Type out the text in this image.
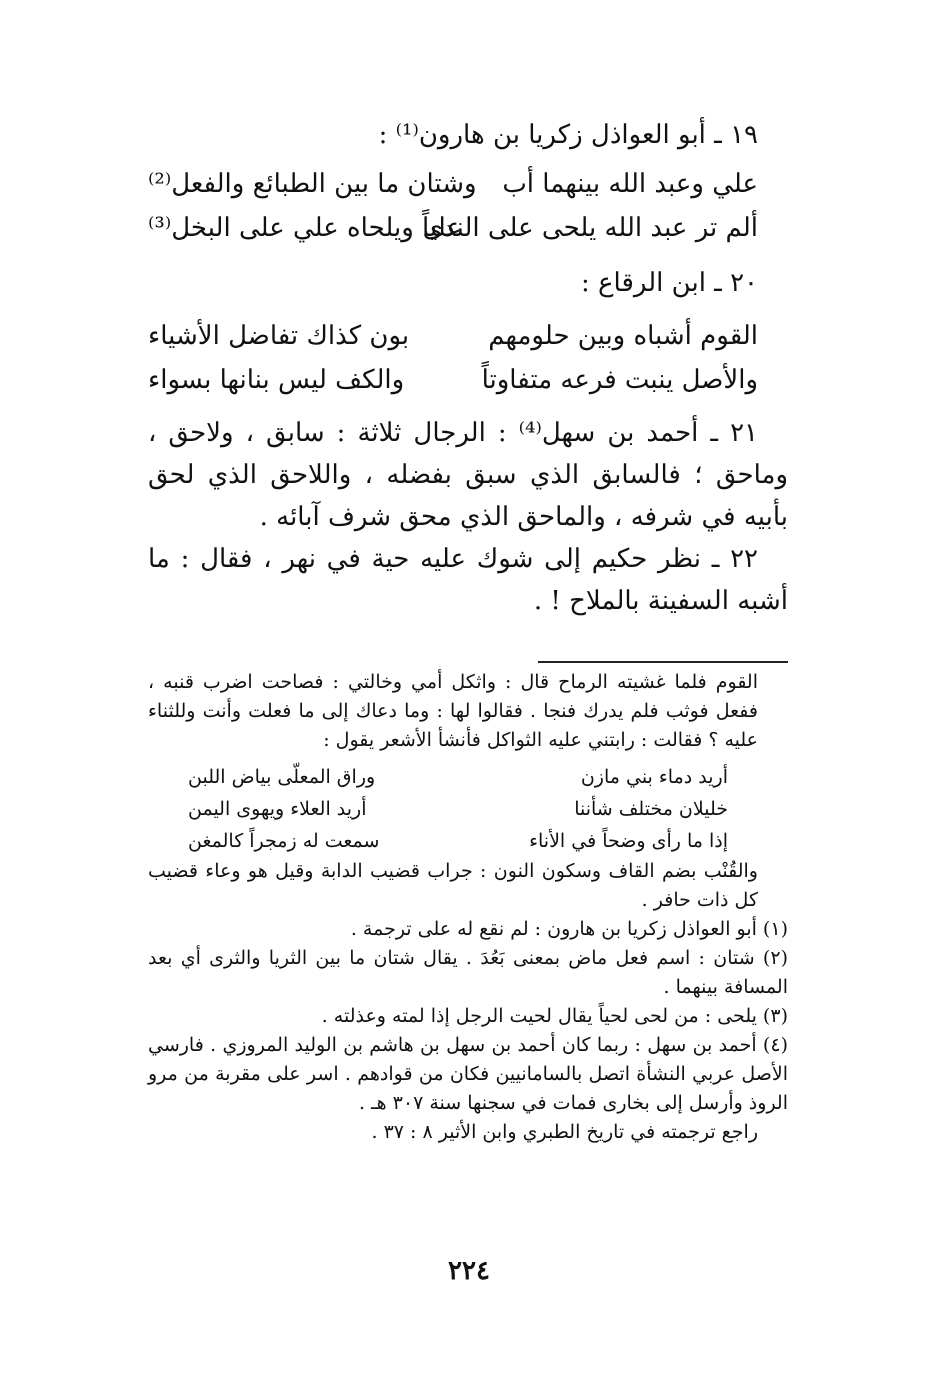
١٩ ـ أبو العواذل زكريا بن هارون⁽¹⁾ :
علي وعبد الله بينهما أب
وشتان ما بين الطبائع والفعل⁽²⁾
ألم تر عبد الله يلحى على الندى
علياً ويلحاه علي على البخل⁽³⁾
٢٠ ـ ابن الرقاع :
القوم أشباه وبين حلومهم
بون كذاك تفاضل الأشياء
والأصل ينبت فرعه متفاوتاً
والكف ليس بنانها بسواء

٢١ ـ أحمد بن سهل⁽⁴⁾ : الرجال ثلاثة : سابق ، ولاحق ، وماحق ؛ فالسابق الذي سبق بفضله ، واللاحق الذي لحق بأبيه في شرفه ، والماحق الذي محق شرف آبائه .

٢٢ ـ نظر حكيم إلى شوك عليه حية في نهر ، فقال : ما أشبه السفينة بالملاح ! .

القوم فلما غشيته الرماح قال : واثكل أمي وخالتي : فصاحت اضرب قنبه ، ففعل فوثب فلم يدرك فنجا . فقالوا لها : وما دعاك إلى ما فعلت وأنت وللثناء عليه ؟ فقالت : رابتني عليه الثواكل فأنشأ الأشعر يقول :
أريد دماء بني مازن
وراق المعلّى بياض اللبن
خليلان مختلف شأننا
أريد العلاء ويهوى اليمن
إذا ما رأى وضحاً في الأناء
سمعت له زمجراً كالمغن
والقُنْب بضم القاف وسكون النون : جراب قضيب الدابة وقيل هو وعاء قضيب كل ذات حافر .
(١) أبو العواذل زكريا بن هارون : لم نقع له على ترجمة .
(٢) شتان : اسم فعل ماض بمعنى بَعُدَ . يقال شتان ما بين الثريا والثرى أي بعد المسافة بينهما .
(٣) يلحى : من لحى لحياً يقال لحيت الرجل إذا لمته وعذلته .
(٤) أحمد بن سهل : ربما كان أحمد بن سهل بن هاشم بن الوليد المروزي . فارسي الأصل عربي النشأة اتصل بالسامانيين فكان من قوادهم . اسر على مقربة من مرو الروذ وأرسل إلى بخارى فمات في سجنها سنة ٣٠٧ هـ .
راجع ترجمته في تاريخ الطبري وابن الأثير ٨ : ٣٧ .
٢٢٤
